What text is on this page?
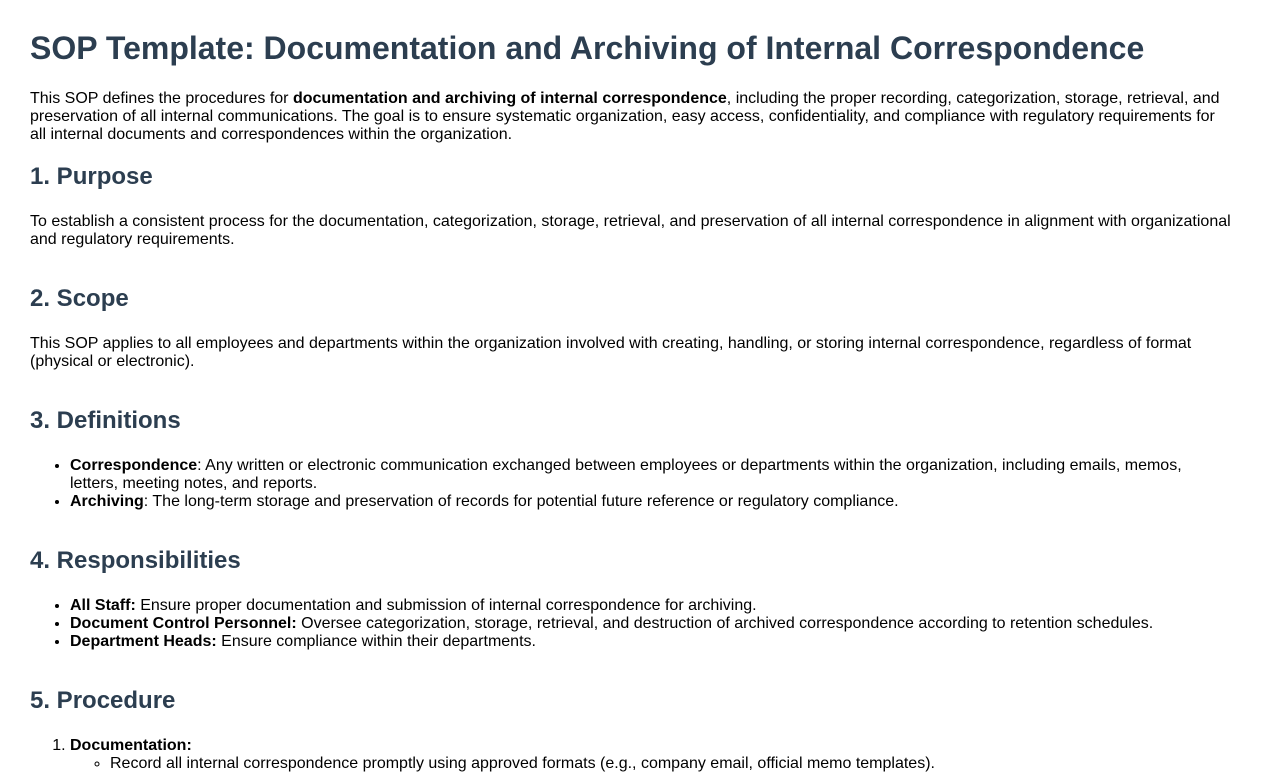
SOP Template: Documentation and Archiving of Internal Correspondence

This SOP defines the procedures for documentation and archiving of internal correspondence, including the proper recording, categorization, storage, retrieval, and preservation of all internal communications. The goal is to ensure systematic organization, easy access, confidentiality, and compliance with regulatory requirements for all internal documents and correspondences within the organization.

1. Purpose

To establish a consistent process for the documentation, categorization, storage, retrieval, and preservation of all internal correspondence in alignment with organizational and regulatory requirements.

2. Scope

This SOP applies to all employees and departments within the organization involved with creating, handling, or storing internal correspondence, regardless of format (physical or electronic).

3. Definitions
• Correspondence: Any written or electronic communication exchanged between employees or departments within the organization, including emails, memos, letters, meeting notes, and reports.
• Archiving: The long-term storage and preservation of records for potential future reference or regulatory compliance.
4. Responsibilities
• All Staff: Ensure proper documentation and submission of internal correspondence for archiving.
• Document Control Personnel: Oversee categorization, storage, retrieval, and destruction of archived correspondence according to retention schedules.
• Department Heads: Ensure compliance within their departments.
5. Procedure
1. Documentation:
◦ Record all internal correspondence promptly using approved formats (e.g., company email, official memo templates).
